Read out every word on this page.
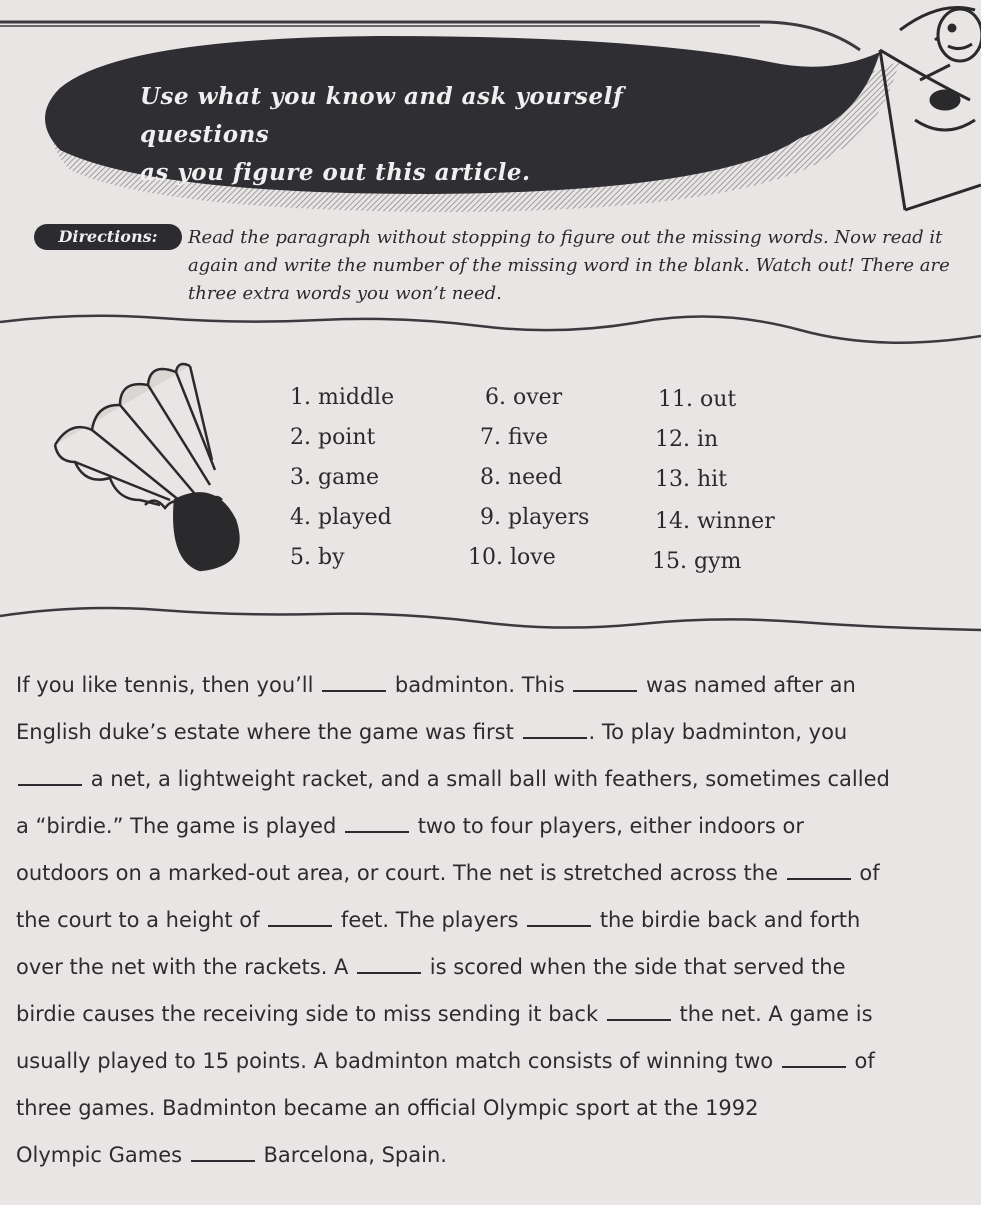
Use what you know and ask yourself questions
as you figure out this article.
Directions:	Read the paragraph without stopping to figure out the missing words. Now read it again and write the number of the missing word in the blank. Watch out! There are three extra words you won’t need.
1. middle
2. point
3. game
4. played
5. by
6. over
7. five
8. need
9. players
10. love
11. out
12. in
13. hit
14. winner
15. gym

If you like tennis, then you’ll	badminton. This	was named after an

English duke’s estate where the game was first	. To play badminton, you

a net, a lightweight racket, and a small ball with feathers, sometimes called

a “birdie.” The game is played	two to four players, either indoors or

outdoors on a marked-out area, or court. The net is stretched across the	of

the court to a height of	feet. The players	the birdie back and forth

over the net with the rackets. A	is scored when the side that served the

birdie causes the receiving side to miss sending it back	the net. A game is

usually played to 15 points. A badminton match consists of winning two	of

three games. Badminton became an official Olympic sport at the 1992

Olympic Games	Barcelona, Spain.
